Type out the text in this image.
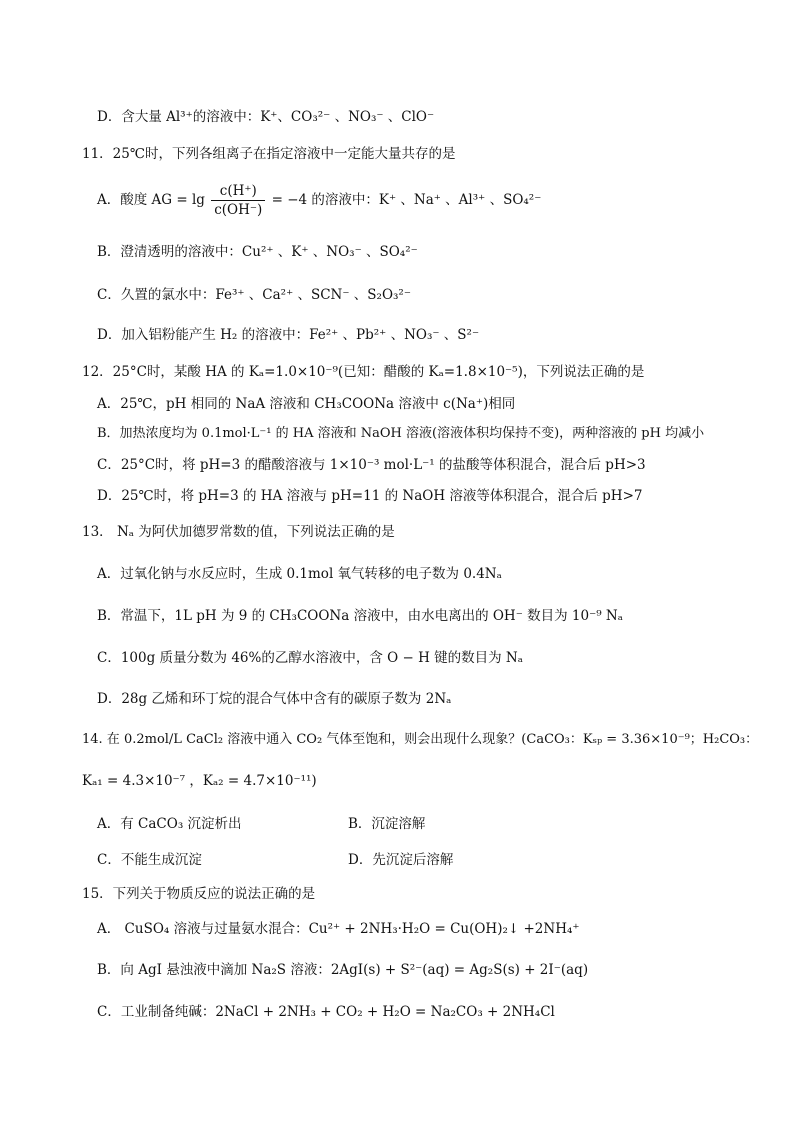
D．含大量 Al³⁺的溶液中：K⁺、CO₃²⁻ 、NO₃⁻ 、ClO⁻
11．25℃时，下列各组离子在指定溶液中一定能大量共存的是
A．酸度 AG = $\lg \frac{c(H^+)}{c(OH^-)} = -4$ 的溶液中：K⁺ 、Na⁺ 、Al³⁺ 、SO₄²⁻
B．澄清透明的溶液中：Cu²⁺ 、K⁺ 、NO₃⁻ 、SO₄²⁻
C．久置的氯水中：Fe³⁺ 、Ca²⁺ 、SCN⁻ 、S₂O₃²⁻
D．加入铝粉能产生 H₂ 的溶液中：Fe²⁺ 、Pb²⁺ 、NO₃⁻ 、S²⁻
12．25°C时，某酸 HA 的 Kₐ=1.0×10⁻⁹(已知：醋酸的 Kₐ=1.8×10⁻⁵)，下列说法正确的是
A．25℃，pH 相同的 NaA 溶液和 CH₃COONa 溶液中 c(Na⁺)相同
B．加热浓度均为 0.1mol·L⁻¹ 的 HA 溶液和 NaOH 溶液(溶液体积均保持不变)，两种溶液的 pH 均减小
C．25°C时，将 pH=3 的醋酸溶液与 1×10⁻³ mol·L⁻¹ 的盐酸等体积混合，混合后 pH>3
D．25℃时，将 pH=3 的 HA 溶液与 pH=11 的 NaOH 溶液等体积混合，混合后 pH>7
13． Nₐ 为阿伏加德罗常数的值，下列说法正确的是
A．过氧化钠与水反应时，生成 0.1mol 氧气转移的电子数为 0.4Nₐ
B．常温下，1L pH 为 9 的 CH₃COONa 溶液中，由水电离出的 OH⁻ 数目为 10⁻⁹ Nₐ
C．100g 质量分数为 46%的乙醇水溶液中，含 O − H 键的数目为 Nₐ
D．28g 乙烯和环丁烷的混合气体中含有的碳原子数为 2Nₐ
14. 在 0.2mol/L CaCl₂ 溶液中通入 CO₂ 气体至饱和，则会出现什么现象？(CaCO₃：Kₛₚ = 3.36×10⁻⁹；H₂CO₃：
Kₐ₁ = 4.3×10⁻⁷ ，Kₐ₂ = 4.7×10⁻¹¹)
A．有 CaCO₃ 沉淀析出	B．沉淀溶解
C．不能生成沉淀	D．先沉淀后溶解
15．下列关于物质反应的说法正确的是
A． CuSO₄ 溶液与过量氨水混合：Cu²⁺ + 2NH₃·H₂O = Cu(OH)₂↓ +2NH₄⁺
B．向 AgI 悬浊液中滴加 Na₂S 溶液：2AgI(s) + S²⁻(aq) = Ag₂S(s) + 2I⁻(aq)
C．工业制备纯碱：2NaCl + 2NH₃ + CO₂ + H₂O = Na₂CO₃ + 2NH₄Cl
